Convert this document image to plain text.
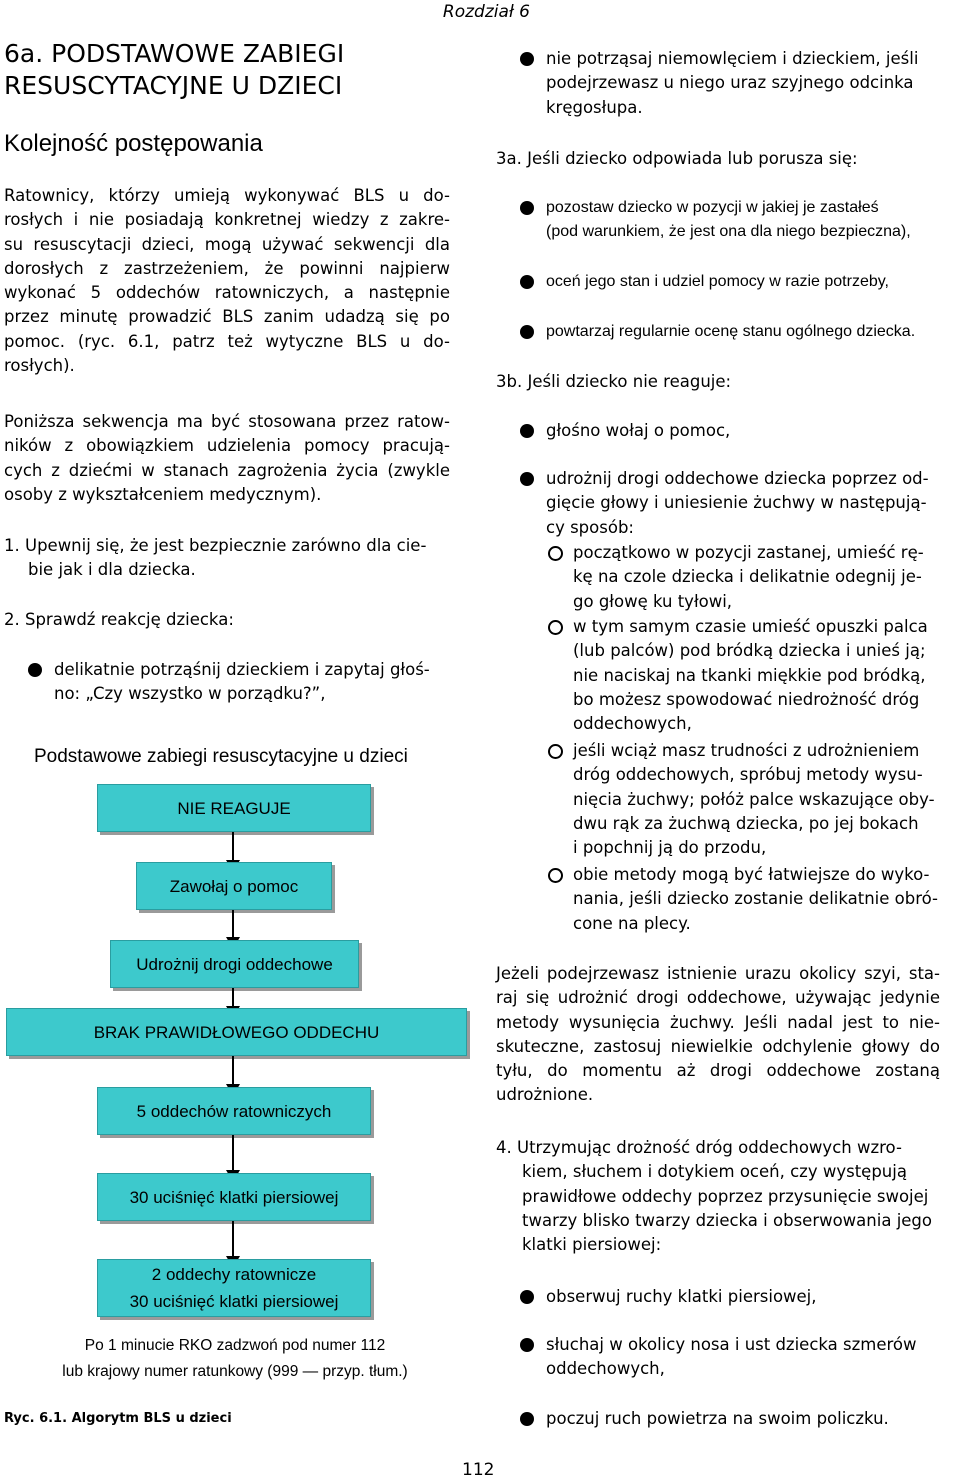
Rozdział 6
6a. PODSTAWOWE ZABIEGI
RESUSCYTACYJNE U DZIECI
Kolejność postępowania
Ratownicy, którzy umieją wykonywać BLS u do-
rosłych i nie posiadają konkretnej wiedzy z zakre-
su resuscytacji dzieci, mogą używać sekwencji dla
dorosłych z zastrzeżeniem, że powinni najpierw
wykonać 5 oddechów ratowniczych, a następnie
przez minutę prowadzić BLS zanim udadzą się po
pomoc. (ryc. 6.1, patrz też wytyczne BLS u do-
rosłych).
Poniższa sekwencja ma być stosowana przez ratow-
ników z obowiązkiem udzielenia pomocy pracują-
cych z dziećmi w stanach zagrożenia życia (zwykle
osoby z wykształceniem medycznym).
1. Upewnij się, że jest bezpiecznie zarówno dla cie-
bie jak i dla dziecka.
2. Sprawdź reakcję dziecka:
delikatnie potrząśnij dzieckiem i zapytaj głoś-
no: „Czy wszystko w porządku?”,
Podstawowe zabiegi resuscytacyjne u dzieci
NIE REAGUJE
Zawołaj o pomoc
Udrożnij drogi oddechowe
BRAK PRAWIDŁOWEGO ODDECHU
5 oddechów ratowniczych
30 uciśnięć klatki piersiowej
2 oddechy ratownicze
30 uciśnięć klatki piersiowej
Po 1 minucie RKO zadzwoń pod numer 112
lub krajowy numer ratunkowy (999 — przyp. tłum.)
Ryc. 6.1. Algorytm BLS u dzieci
nie potrząsaj niemowlęciem i dzieckiem, jeśli
podejrzewasz u niego uraz szyjnego odcinka
kręgosłupa.
3a. Jeśli dziecko odpowiada lub porusza się:
pozostaw dziecko w pozycji w jakiej je zastałeś
(pod warunkiem, że jest ona dla niego bezpieczna),
oceń jego stan i udziel pomocy w razie potrzeby,
powtarzaj regularnie ocenę stanu ogólnego dziecka.
3b. Jeśli dziecko nie reaguje:
głośno wołaj o pomoc,
udrożnij drogi oddechowe dziecka poprzez od-
gięcie głowy i uniesienie żuchwy w następują-
cy sposób:
początkowo w pozycji zastanej, umieść rę-
kę na czole dziecka i delikatnie odegnij je-
go głowę ku tyłowi,
w tym samym czasie umieść opuszki palca
(lub palców) pod bródką dziecka i unieś ją;
nie naciskaj na tkanki miękkie pod bródką,
bo możesz spowodować niedrożność dróg
oddechowych,
jeśli wciąż masz trudności z udrożnieniem
dróg oddechowych, spróbuj metody wysu-
nięcia żuchwy; połóż palce wskazujące oby-
dwu rąk za żuchwą dziecka, po jej bokach
i popchnij ją do przodu,
obie metody mogą być łatwiejsze do wyko-
nania, jeśli dziecko zostanie delikatnie obró-
cone na plecy.
Jeżeli podejrzewasz istnienie urazu okolicy szyi, sta-
raj się udrożnić drogi oddechowe, używając jedynie
metody wysunięcia żuchwy. Jeśli nadal jest to nie-
skuteczne, zastosuj niewielkie odchylenie głowy do
tyłu, do momentu aż drogi oddechowe zostaną
udrożnione.
4. Utrzymując drożność dróg oddechowych wzro-
kiem, słuchem i dotykiem oceń, czy występują
prawidłowe oddechy poprzez przysunięcie swojej
twarzy blisko twarzy dziecka i obserwowania jego
klatki piersiowej:
obserwuj ruchy klatki piersiowej,
słuchaj w okolicy nosa i ust dziecka szmerów
oddechowych,
poczuj ruch powietrza na swoim policzku.
112
